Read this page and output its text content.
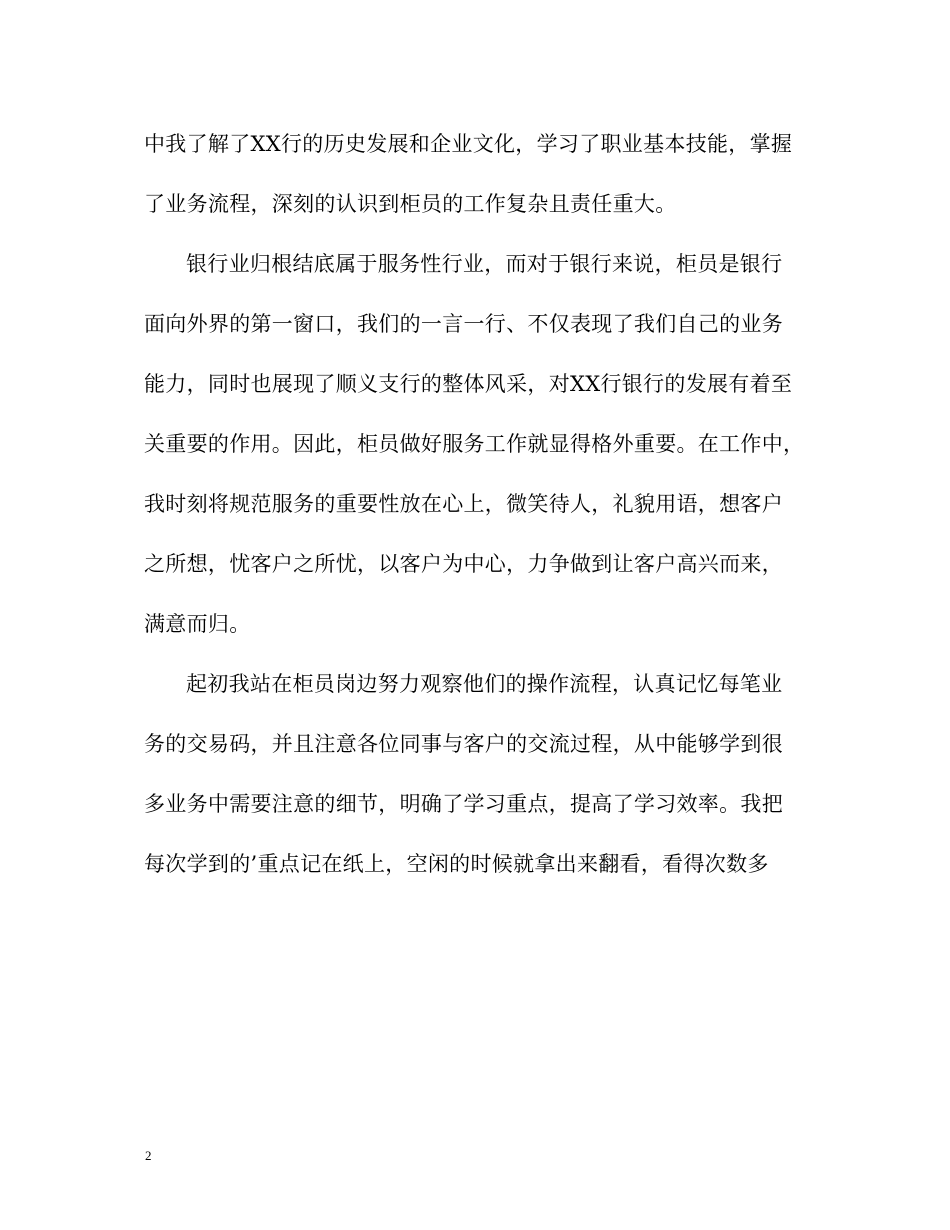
中我了解了XX行的历史发展和企业文化，学习了职业基本技能，掌握
了业务流程，深刻的认识到柜员的工作复杂且责任重大。
银行业归根结底属于服务性行业，而对于银行来说，柜员是银行
面向外界的第一窗口，我们的一言一行、不仅表现了我们自己的业务
能力，同时也展现了顺义支行的整体风采，对XX行银行的发展有着至
关重要的作用。因此，柜员做好服务工作就显得格外重要。在工作中，
我时刻将规范服务的重要性放在心上，微笑待人，礼貌用语，想客户
之所想，忧客户之所忧，以客户为中心，力争做到让客户高兴而来，
满意而归。
起初我站在柜员岗边努力观察他们的操作流程，认真记忆每笔业
务的交易码，并且注意各位同事与客户的交流过程，从中能够学到很
多业务中需要注意的细节，明确了学习重点，提高了学习效率。我把
每次学到的’重点记在纸上，空闲的时候就拿出来翻看，看得次数多
2
